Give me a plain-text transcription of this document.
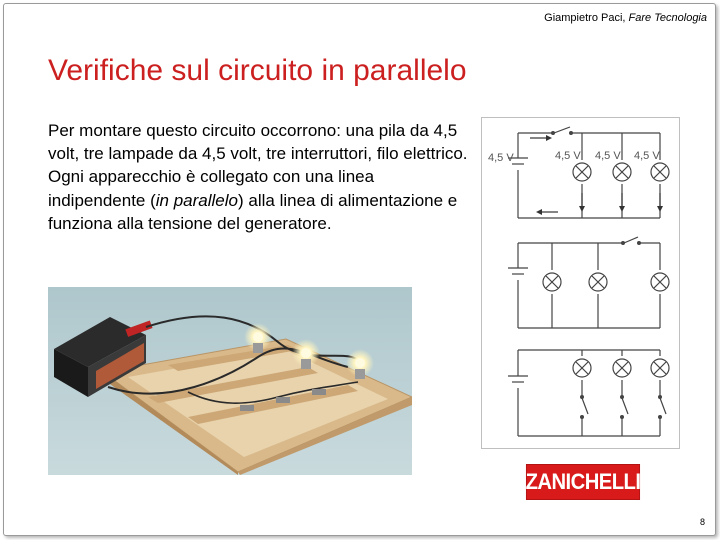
Giampietro Paci, Fare Tecnologia
Verifiche sul circuito in parallelo
Per montare questo circuito occorrono: una pila da 4,5 volt, tre lampade da 4,5 volt, tre interruttori, filo elettrico.
Ogni apparecchio è collegato con una linea indipendente (in parallelo) alla linea di alimentazione e funziona alla tensione del generatore.
4,5 V	4,5 V 4,5 V 4,5 V
ZANICHELLI
8
